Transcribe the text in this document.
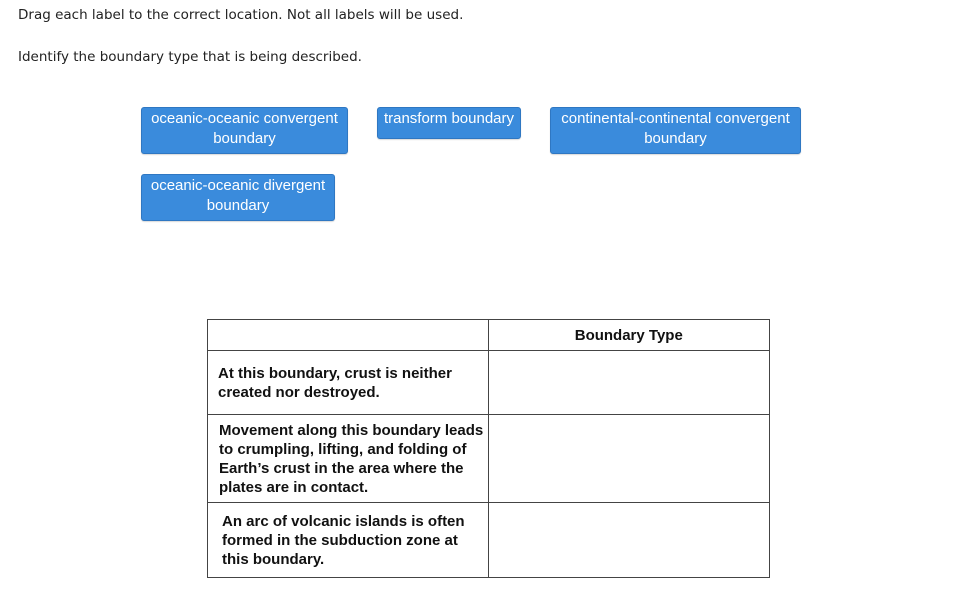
Drag each label to the correct location. Not all labels will be used.
Identify the boundary type that is being described.
oceanic-oceanic convergent boundary
transform boundary	continental-continental convergent boundary
oceanic-oceanic divergent boundary
	Boundary Type
At this boundary, crust is neither created nor destroyed.	
Movement along this boundary leads to crumpling, lifting, and folding of Earth’s crust in the area where the plates are in contact.	
An arc of volcanic islands is often formed in the subduction zone at this boundary.	
